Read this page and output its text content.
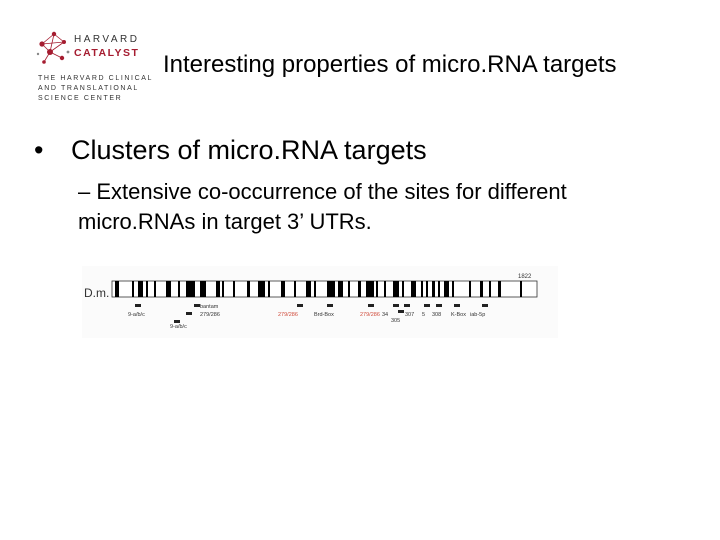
HARVARD
CATALYST
THE HARVARD CLINICAL
AND TRANSLATIONAL
SCIENCE CENTER
Interesting properties of micro.RNA targets
• Clusters of micro.RNA targets
– Extensive co-occurrence of the sites for different micro.RNAs in target 3’ UTRs.
D.m.
1822
9-a/b/c
bantam
279/286
9-a/b/c
279/286	Brd-Box	279/286 34
305
307 5 308 K-Box iab-5p
